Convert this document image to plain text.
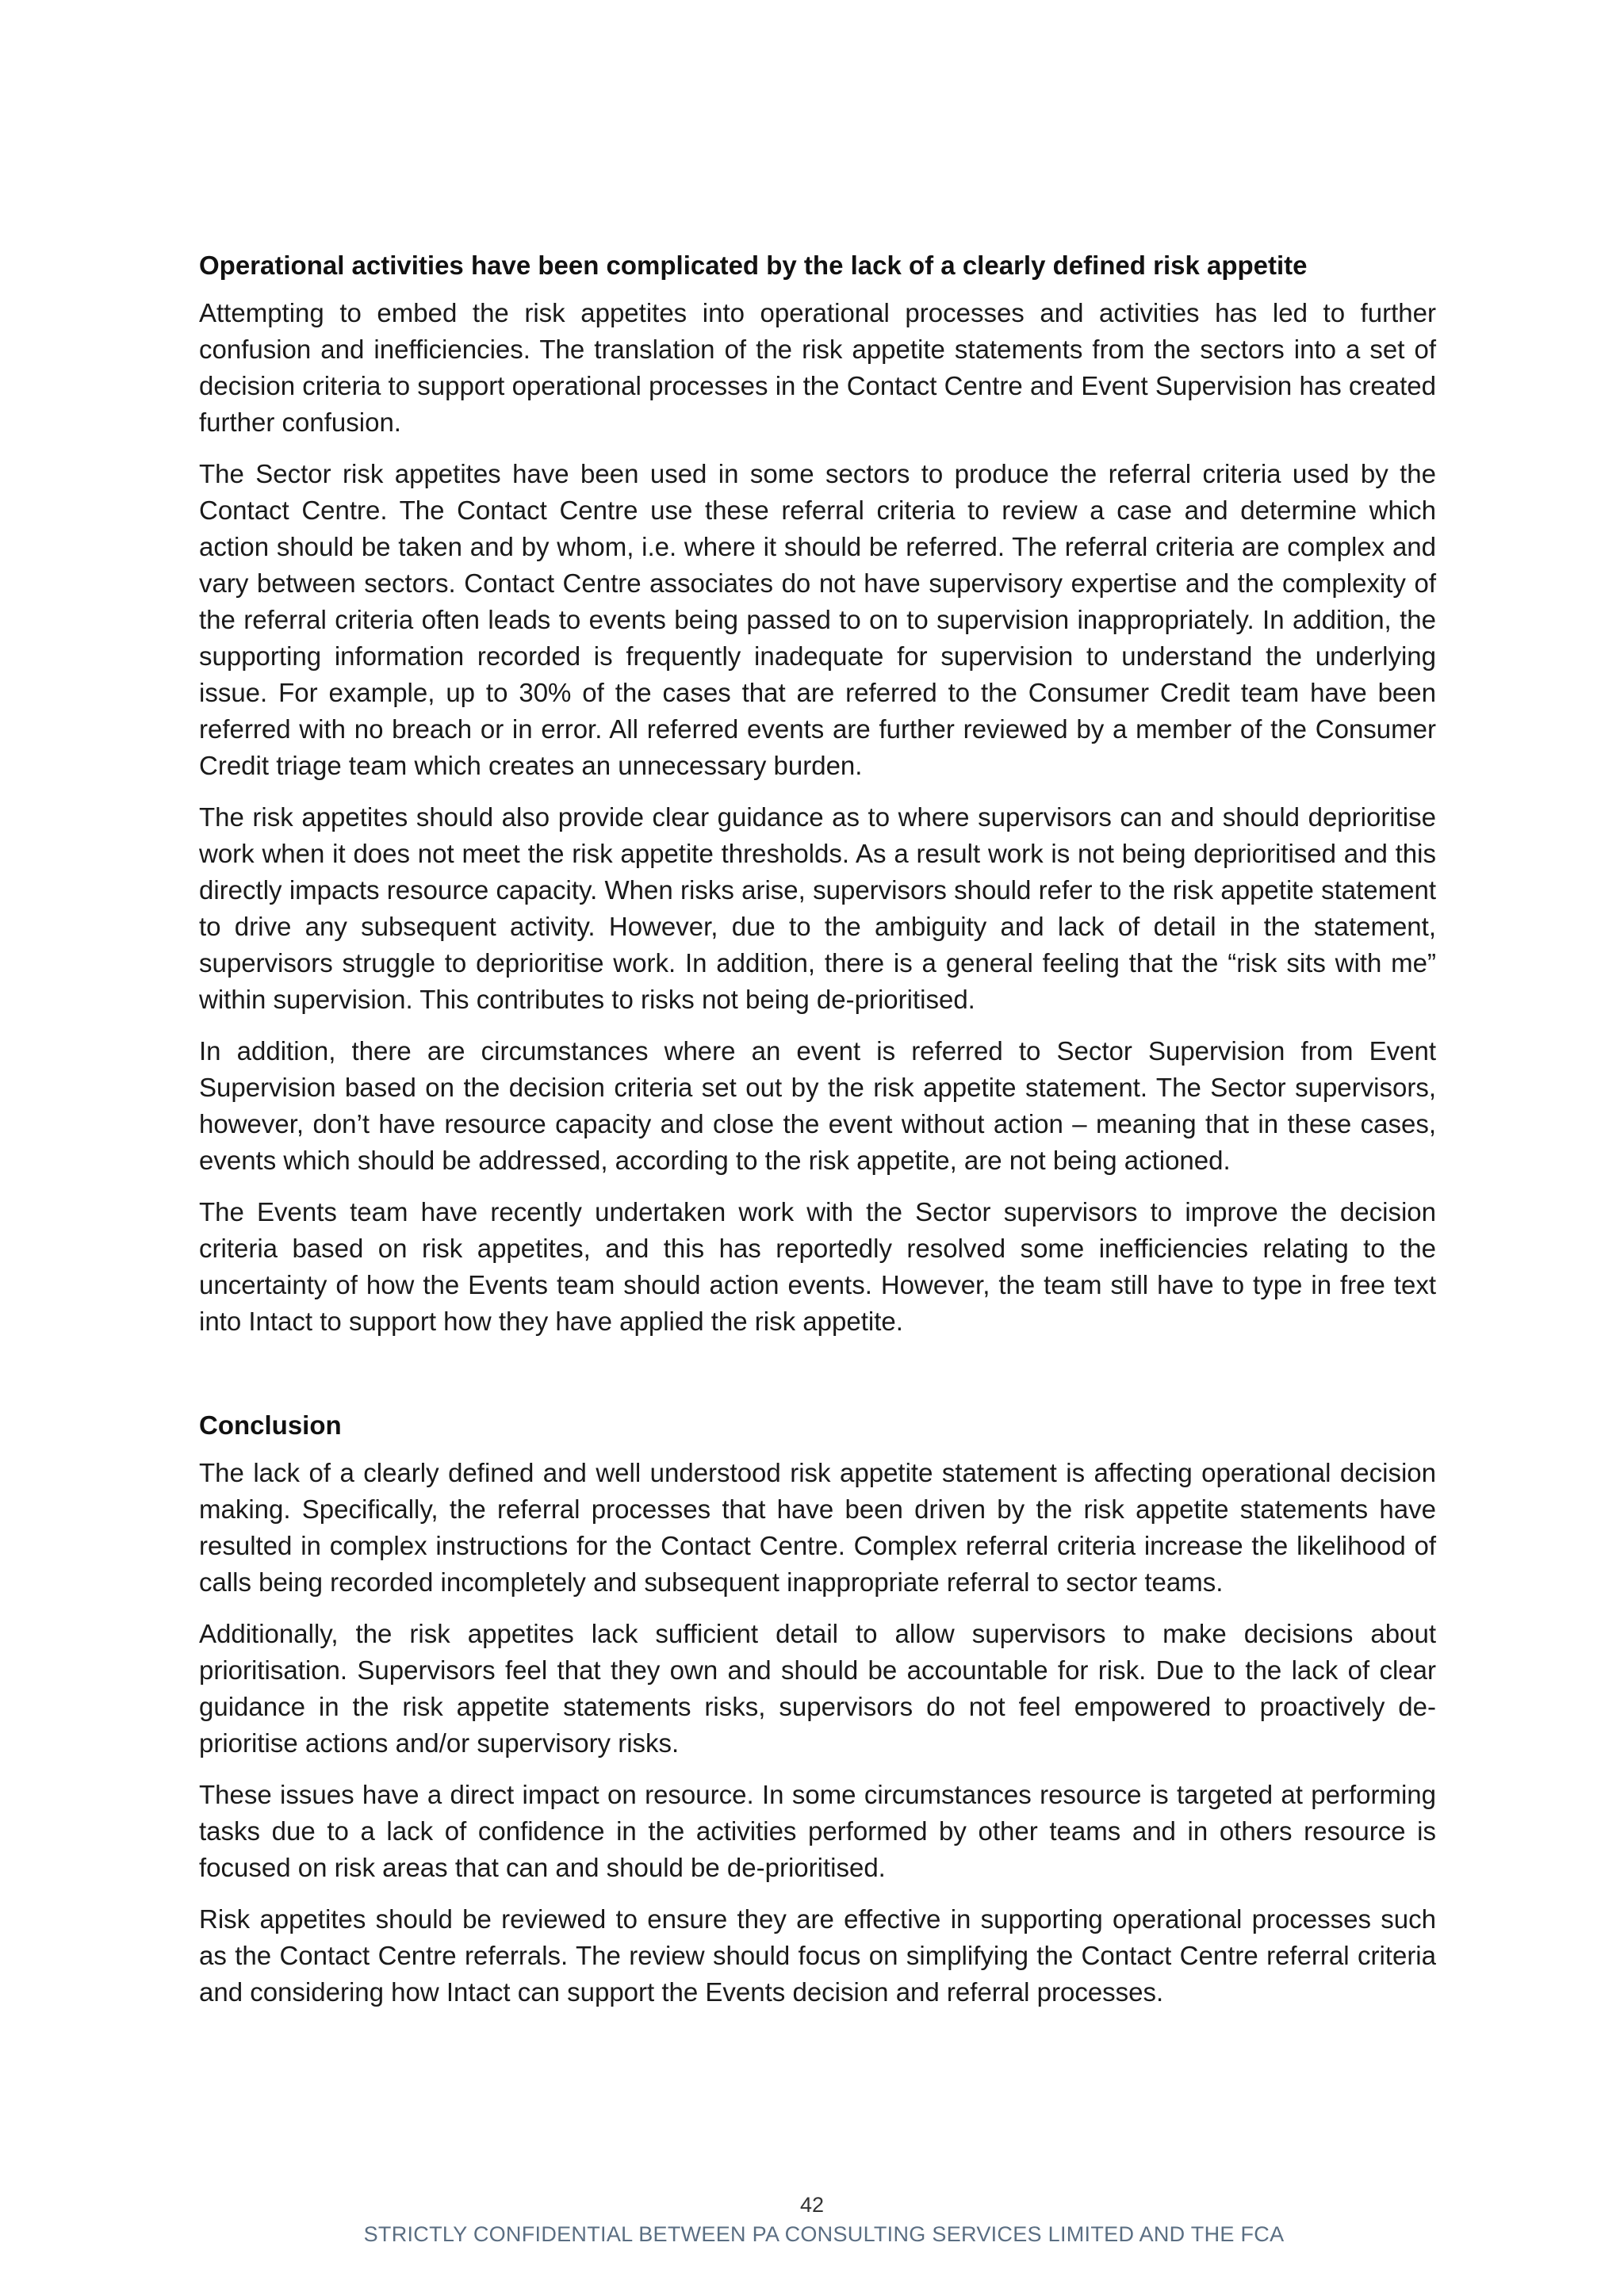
Operational activities have been complicated by the lack of a clearly defined risk appetite

Attempting to embed the risk appetites into operational processes and activities has led to further confusion and inefficiencies. The translation of the risk appetite statements from the sectors into a set of decision criteria to support operational processes in the Contact Centre and Event Supervision has created further confusion.

The Sector risk appetites have been used in some sectors to produce the referral criteria used by the Contact Centre. The Contact Centre use these referral criteria to review a case and determine which action should be taken and by whom, i.e. where it should be referred. The referral criteria are complex and vary between sectors. Contact Centre associates do not have supervisory expertise and the complexity of the referral criteria often leads to events being passed to on to supervision inappropriately. In addition, the supporting information recorded is frequently inadequate for supervision to understand the underlying issue. For example, up to 30% of the cases that are referred to the Consumer Credit team have been referred with no breach or in error. All referred events are further reviewed by a member of the Consumer Credit triage team which creates an unnecessary burden.

The risk appetites should also provide clear guidance as to where supervisors can and should deprioritise work when it does not meet the risk appetite thresholds. As a result work is not being deprioritised and this directly impacts resource capacity. When risks arise, supervisors should refer to the risk appetite statement to drive any subsequent activity. However, due to the ambiguity and lack of detail in the statement, supervisors struggle to deprioritise work. In addition, there is a general feeling that the “risk sits with me” within supervision. This contributes to risks not being de-prioritised.

In addition, there are circumstances where an event is referred to Sector Supervision from Event Supervision based on the decision criteria set out by the risk appetite statement. The Sector supervisors, however, don’t have resource capacity and close the event without action – meaning that in these cases, events which should be addressed, according to the risk appetite, are not being actioned.

The Events team have recently undertaken work with the Sector supervisors to improve the decision criteria based on risk appetites, and this has reportedly resolved some inefficiencies relating to the uncertainty of how the Events team should action events. However, the team still have to type in free text into Intact to support how they have applied the risk appetite.

Conclusion

The lack of a clearly defined and well understood risk appetite statement is affecting operational decision making. Specifically, the referral processes that have been driven by the risk appetite statements have resulted in complex instructions for the Contact Centre. Complex referral criteria increase the likelihood of calls being recorded incompletely and subsequent inappropriate referral to sector teams.

Additionally, the risk appetites lack sufficient detail to allow supervisors to make decisions about prioritisation. Supervisors feel that they own and should be accountable for risk. Due to the lack of clear guidance in the risk appetite statements risks, supervisors do not feel empowered to proactively de-prioritise actions and/or supervisory risks.

These issues have a direct impact on resource. In some circumstances resource is targeted at performing tasks due to a lack of confidence in the activities performed by other teams and in others resource is focused on risk areas that can and should be de-prioritised.

Risk appetites should be reviewed to ensure they are effective in supporting operational processes such as the Contact Centre referrals. The review should focus on simplifying the Contact Centre referral criteria and considering how Intact can support the Events decision and referral processes.

42
STRICTLY CONFIDENTIAL BETWEEN PA CONSULTING SERVICES LIMITED AND THE FCA
